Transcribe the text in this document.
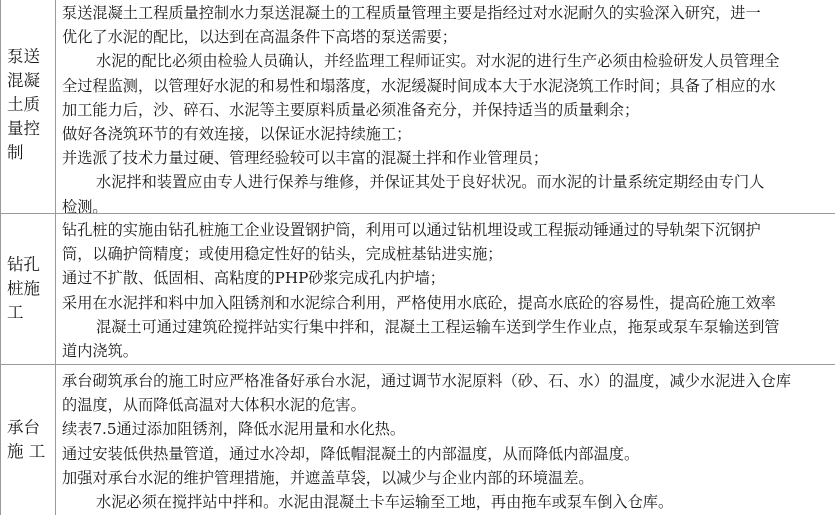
泵送混凝土质量控制
泵送混凝土工程质量控制水力泵送混凝土的工程质量管理主要是指经过对水泥耐久的实验深入研究，进一
优化了水泥的配比，以达到在高温条件下高塔的泵送需要；
水泥的配比必须由检验人员确认，并经监理工程师证实。对水泥的进行生产必须由检验研发人员管理全
全过程监测，以管理好水泥的和易性和塌落度，水泥缓凝时间成本大于水泥浇筑工作时间；具备了相应的水
加工能力后，沙、碎石、水泥等主要原料质量必须准备充分，并保持适当的质量剩余；
做好各浇筑环节的有效连接，以保证水泥持续施工；
并选派了技术力量过硬、管理经验较可以丰富的混凝土拌和作业管理员；
水泥拌和装置应由专人进行保养与维修，并保证其处于良好状况。而水泥的计量系统定期经由专门人
检测。
钻孔桩施工
钻孔桩的实施由钻孔桩施工企业设置钢护筒，利用可以通过钻机埋设或工程振动锤通过的导轨架下沉钢护
筒，以确护筒精度；或使用稳定性好的钻头，完成桩基钻进实施；
通过不扩散、低固相、高粘度的PHP砂浆完成孔内护墙；
采用在水泥拌和料中加入阻锈剂和水泥综合利用，严格使用水底砼，提高水底砼的容易性，提高砼施工效率
混凝土可通过建筑砼搅拌站实行集中拌和，混凝土工程运输车送到学生作业点，拖泵或泵车泵输送到管
道内浇筑。
承台施 工
承台砌筑承台的施工时应严格准备好承台水泥，通过调节水泥原料（砂、石、水）的温度，减少水泥进入仓库
的温度，从而降低高温对大体积水泥的危害。
续表7.5通过添加阻锈剂，降低水泥用量和水化热。
通过安装低供热量管道，通过水冷却，降低帽混凝土的内部温度，从而降低内部温度。
加强对承台水泥的维护管理措施，并遮盖草袋，以减少与企业内部的环境温差。
水泥必须在搅拌站中拌和。水泥由混凝土卡车运输至工地，再由拖车或泵车倒入仓库。
